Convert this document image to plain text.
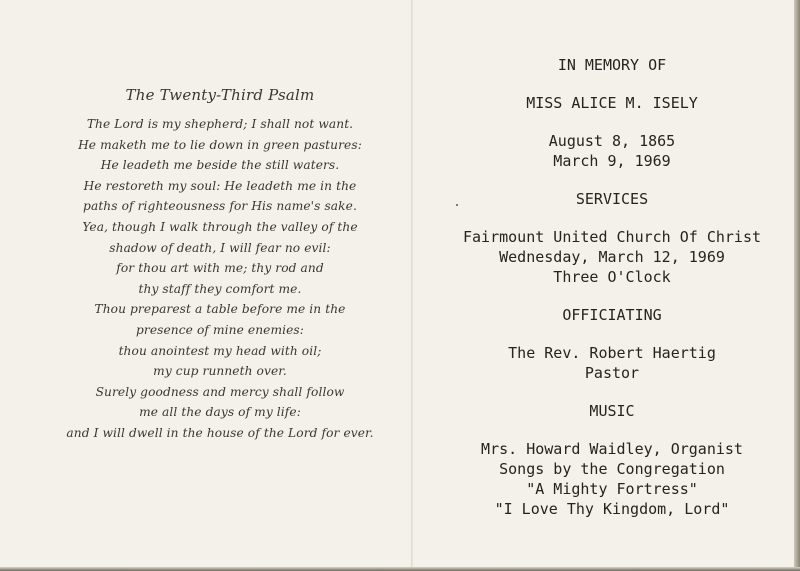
The Twenty-Third Psalm
The Lord is my shepherd; I shall not want.
He maketh me to lie down in green pastures:
He leadeth me beside the still waters.
He restoreth my soul: He leadeth me in the
paths of righteousness for His name's sake.
Yea, though I walk through the valley of the
shadow of death, I will fear no evil:
for thou art with me; thy rod and
thy staff they comfort me.
Thou preparest a table before me in the
presence of mine enemies:
thou anointest my head with oil;
my cup runneth over.
Surely goodness and mercy shall follow
me all the days of my life:
and I will dwell in the house of the Lord for ever.
IN MEMORY OF
MISS ALICE M. ISELY
August 8, 1865
March 9, 1969
SERVICES
Fairmount United Church Of Christ
Wednesday, March 12, 1969
Three O'Clock
OFFICIATING
The Rev. Robert Haertig
Pastor
MUSIC
Mrs. Howard Waidley, Organist
Songs by the Congregation
"A Mighty Fortress"
"I Love Thy Kingdom, Lord"
